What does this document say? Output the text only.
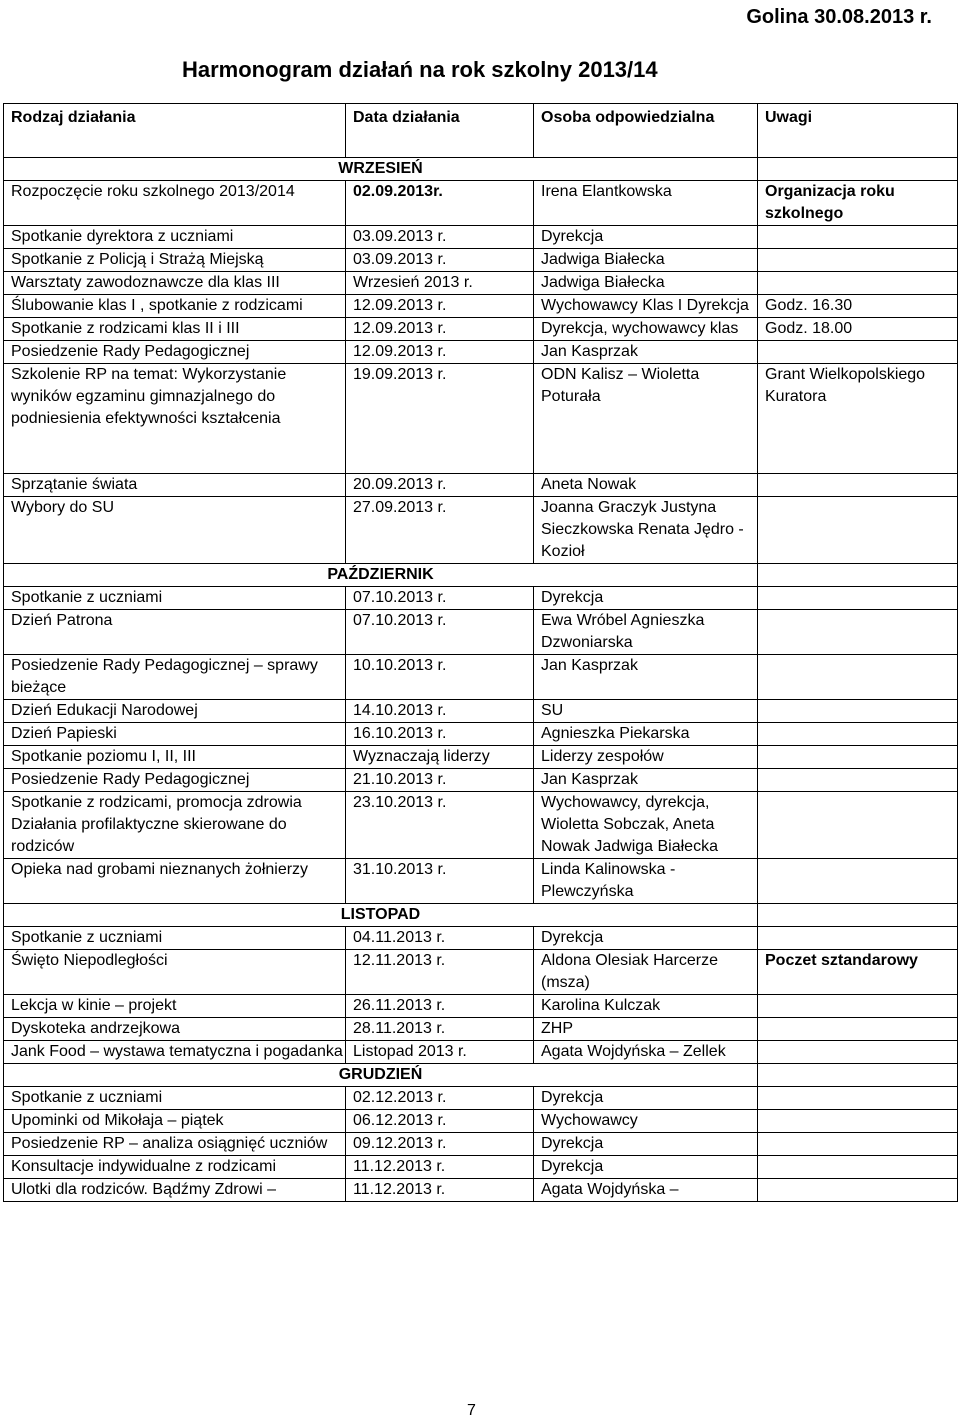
Golina 30.08.2013 r.
Harmonogram działań na rok szkolny 2013/14
Rodzaj działania	Data działania	Osoba odpowiedzialna	Uwagi
WRZESIEŃ			
Rozpoczęcie roku szkolnego 2013/2014	02.09.2013r.	Irena Elantkowska	Organizacja roku szkolnego
Spotkanie dyrektora z uczniami	03.09.2013 r.	Dyrekcja	
Spotkanie z Policją i Strażą Miejską	03.09.2013 r.	Jadwiga Białecka	
Warsztaty zawodoznawcze dla klas III	Wrzesień 2013 r.	Jadwiga Białecka	
Ślubowanie klas I , spotkanie z rodzicami	12.09.2013 r.	Wychowawcy Klas I Dyrekcja	Godz. 16.30
Spotkanie z rodzicami klas II i III	12.09.2013 r.	Dyrekcja, wychowawcy klas	Godz. 18.00
Posiedzenie Rady Pedagogicznej	12.09.2013 r.	Jan Kasprzak	
Szkolenie RP na temat: Wykorzystanie wyników egzaminu gimnazjalnego do podniesienia efektywności kształcenia	19.09.2013 r.	ODN Kalisz – Wioletta Poturała	Grant Wielkopolskiego Kuratora
Sprzątanie świata	20.09.2013 r.	Aneta Nowak	
Wybory do SU	27.09.2013 r.	Joanna Graczyk Justyna Sieczkowska Renata Jędro - Kozioł	
PAŹDZIERNIK			
Spotkanie z uczniami	07.10.2013 r.	Dyrekcja	
Dzień Patrona	07.10.2013 r.	Ewa Wróbel Agnieszka Dzwoniarska	
Posiedzenie Rady Pedagogicznej – sprawy bieżące	10.10.2013 r.	Jan Kasprzak	
Dzień Edukacji Narodowej	14.10.2013 r.	SU	
Dzień Papieski	16.10.2013 r.	Agnieszka Piekarska	
Spotkanie poziomu I, II, III	Wyznaczają liderzy	Liderzy zespołów	
Posiedzenie Rady Pedagogicznej	21.10.2013 r.	Jan Kasprzak	
Spotkanie z rodzicami, promocja zdrowia Działania profilaktyczne skierowane do rodziców	23.10.2013 r.	Wychowawcy, dyrekcja, Wioletta Sobczak, Aneta Nowak Jadwiga Białecka	
Opieka nad grobami nieznanych żołnierzy	31.10.2013 r.	Linda Kalinowska - Plewczyńska	
LISTOPAD			
Spotkanie z uczniami	04.11.2013 r.	Dyrekcja	
Święto Niepodległości	12.11.2013 r.	Aldona Olesiak Harcerze (msza)	Poczet sztandarowy
Lekcja w kinie – projekt	26.11.2013 r.	Karolina Kulczak	
Dyskoteka andrzejkowa	28.11.2013 r.	ZHP	
Jank Food – wystawa tematyczna i pogadanka	Listopad 2013 r.	Agata Wojdyńska – Zellek	
GRUDZIEŃ			
Spotkanie z uczniami	02.12.2013 r.	Dyrekcja	
Upominki od Mikołaja – piątek	06.12.2013 r.	Wychowawcy	
Posiedzenie RP – analiza osiągnięć uczniów	09.12.2013 r.	Dyrekcja	
Konsultacje indywidualne z rodzicami	11.12.2013 r.	Dyrekcja	
Ulotki dla rodziców. Bądźmy Zdrowi –	11.12.2013 r.	Agata Wojdyńska –	
7
